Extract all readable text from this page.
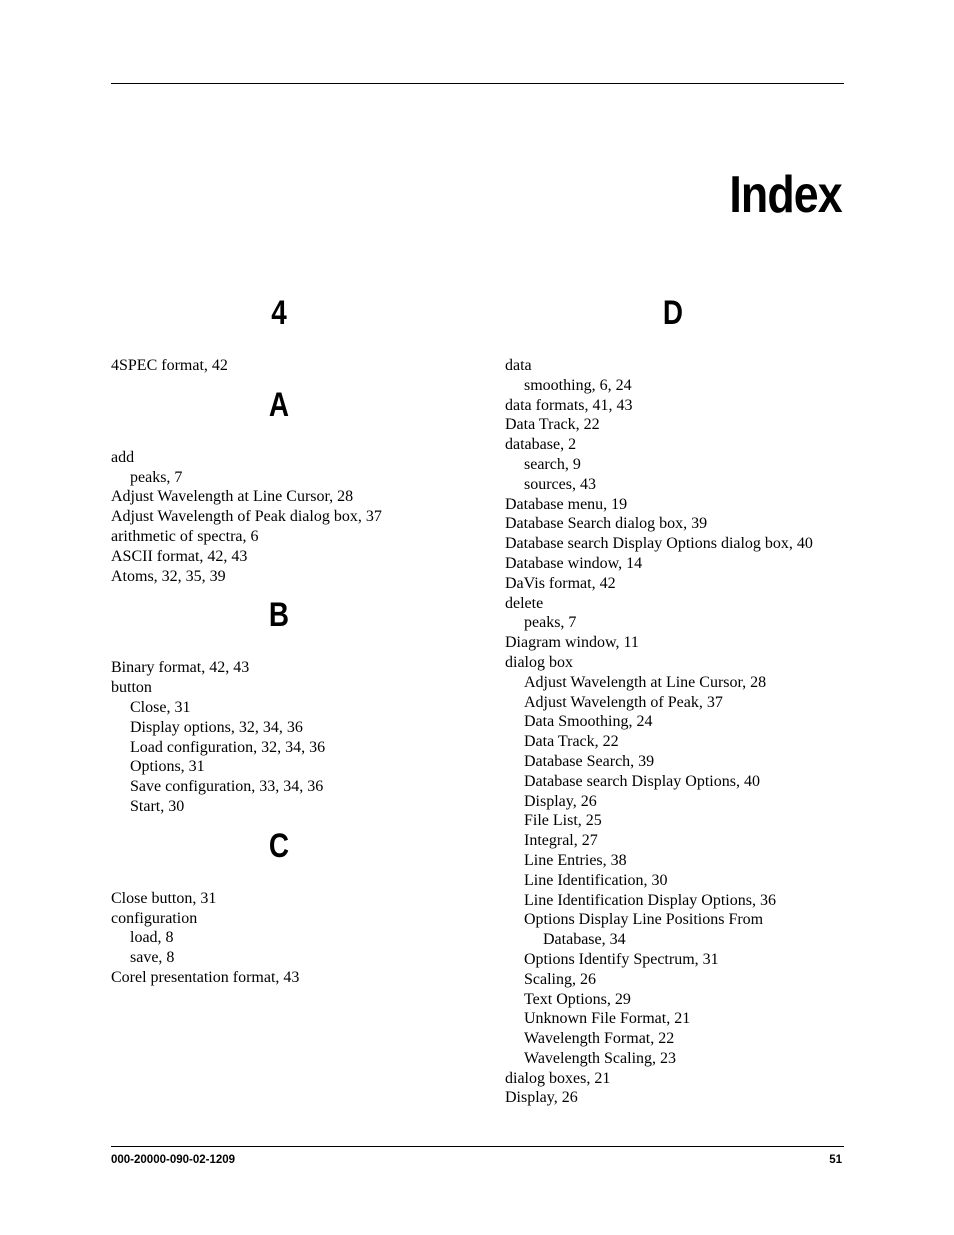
Index
4
4SPEC format, 42
A
add
peaks, 7
Adjust Wavelength at Line Cursor, 28
Adjust Wavelength of Peak dialog box, 37
arithmetic of spectra, 6
ASCII format, 42, 43
Atoms, 32, 35, 39
B
Binary format, 42, 43
button
Close, 31
Display options, 32, 34, 36
Load configuration, 32, 34, 36
Options, 31
Save configuration, 33, 34, 36
Start, 30
C
Close button, 31
configuration
load, 8
save, 8
Corel presentation format, 43
D
data
smoothing, 6, 24
data formats, 41, 43
Data Track, 22
database, 2
search, 9
sources, 43
Database menu, 19
Database Search dialog box, 39
Database search Display Options dialog box, 40
Database window, 14
DaVis format, 42
delete
peaks, 7
Diagram window, 11
dialog box
Adjust Wavelength at Line Cursor, 28
Adjust Wavelength of Peak, 37
Data Smoothing, 24
Data Track, 22
Database Search, 39
Database search Display Options, 40
Display, 26
File List, 25
Integral, 27
Line Entries, 38
Line Identification, 30
Line Identification Display Options, 36
Options Display Line Positions From
Database, 34
Options Identify Spectrum, 31
Scaling, 26
Text Options, 29
Unknown File Format, 21
Wavelength Format, 22
Wavelength Scaling, 23
dialog boxes, 21
Display, 26
000-20000-090-02-1209	51
